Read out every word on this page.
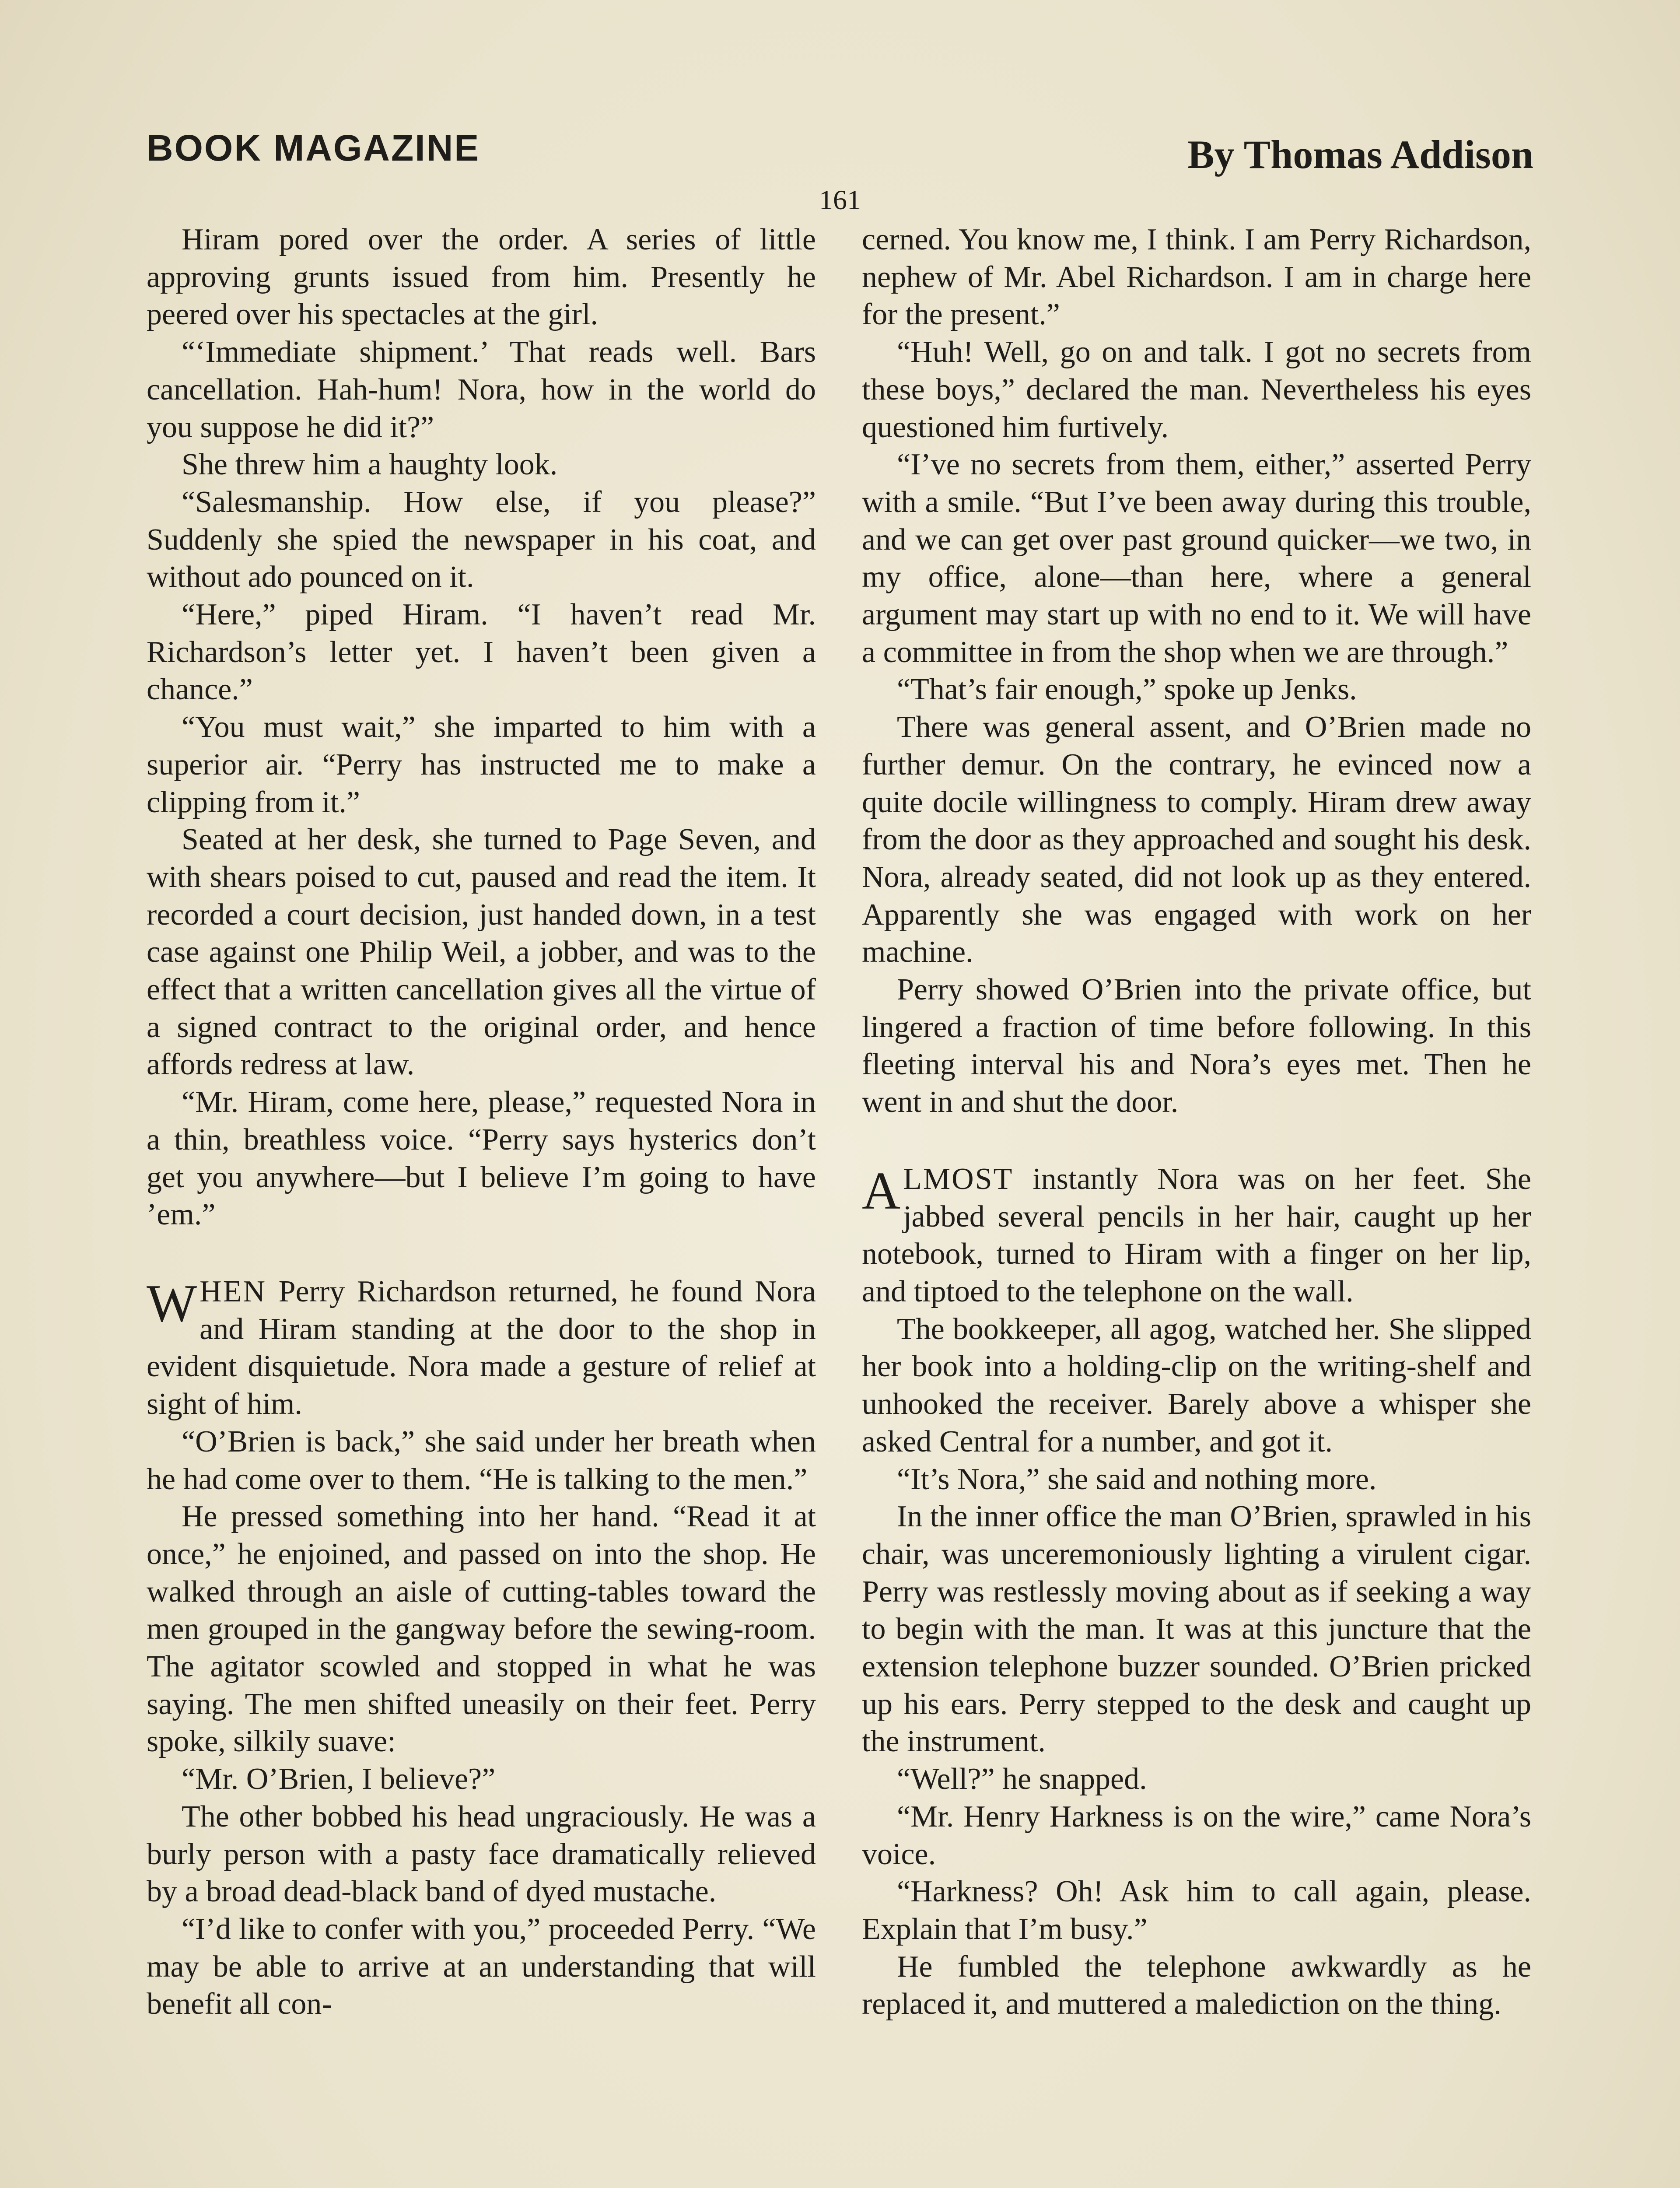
BOOK MAGAZINE	By Thomas Addison
161

Hiram pored over the order. A series of little approving grunts issued from him. Presently he peered over his spectacles at the girl.

“‘Immediate shipment.’ That reads well. Bars cancellation. Hah-hum! Nora, how in the world do you suppose he did it?”

She threw him a haughty look.

“Salesmanship. How else, if you please?” Suddenly she spied the newspaper in his coat, and without ado pounced on it.

“Here,” piped Hiram. “I haven’t read Mr. Richardson’s letter yet. I haven’t been given a chance.”

“You must wait,” she imparted to him with a superior air. “Perry has instructed me to make a clipping from it.”

Seated at her desk, she turned to Page Seven, and with shears poised to cut, paused and read the item. It recorded a court decision, just handed down, in a test case against one Philip Weil, a jobber, and was to the effect that a written cancellation gives all the virtue of a signed contract to the original order, and hence affords redress at law.

“Mr. Hiram, come here, please,” requested Nora in a thin, breathless voice. “Perry says hysterics don’t get you anywhere—but I believe I’m going to have ’em.”

WHEN Perry Richardson returned, he found Nora and Hiram standing at the door to the shop in evident disquietude. Nora made a gesture of relief at sight of him.

“O’Brien is back,” she said under her breath when he had come over to them. “He is talking to the men.”

He pressed something into her hand. “Read it at once,” he enjoined, and passed on into the shop. He walked through an aisle of cutting-tables toward the men grouped in the gangway before the sewing-room. The agitator scowled and stopped in what he was saying. The men shifted uneasily on their feet. Perry spoke, silkily suave:

“Mr. O’Brien, I believe?”

The other bobbed his head ungraciously. He was a burly person with a pasty face dramatically relieved by a broad dead-black band of dyed mustache.

“I’d like to confer with you,” proceeded Perry. “We may be able to arrive at an understanding that will benefit all con-

cerned. You know me, I think. I am Perry Richardson, nephew of Mr. Abel Richardson. I am in charge here for the present.”

“Huh! Well, go on and talk. I got no secrets from these boys,” declared the man. Nevertheless his eyes questioned him furtively.

“I’ve no secrets from them, either,” asserted Perry with a smile. “But I’ve been away during this trouble, and we can get over past ground quicker—we two, in my office, alone—than here, where a general argument may start up with no end to it. We will have a committee in from the shop when we are through.”

“That’s fair enough,” spoke up Jenks.

There was general assent, and O’Brien made no further demur. On the contrary, he evinced now a quite docile willingness to comply. Hiram drew away from the door as they approached and sought his desk. Nora, already seated, did not look up as they entered. Apparently she was engaged with work on her machine.

Perry showed O’Brien into the private office, but lingered a fraction of time before following. In this fleeting interval his and Nora’s eyes met. Then he went in and shut the door.

ALMOST instantly Nora was on her feet. She jabbed several pencils in her hair, caught up her notebook, turned to Hiram with a finger on her lip, and tiptoed to the telephone on the wall.

The bookkeeper, all agog, watched her. She slipped her book into a holding-clip on the writing-shelf and unhooked the receiver. Barely above a whisper she asked Central for a number, and got it.

“It’s Nora,” she said and nothing more.

In the inner office the man O’Brien, sprawled in his chair, was unceremoniously lighting a virulent cigar. Perry was restlessly moving about as if seeking a way to begin with the man. It was at this juncture that the extension telephone buzzer sounded. O’Brien pricked up his ears. Perry stepped to the desk and caught up the instrument.

“Well?” he snapped.

“Mr. Henry Harkness is on the wire,” came Nora’s voice.

“Harkness? Oh! Ask him to call again, please. Explain that I’m busy.”

He fumbled the telephone awkwardly as he replaced it, and muttered a malediction on the thing.
